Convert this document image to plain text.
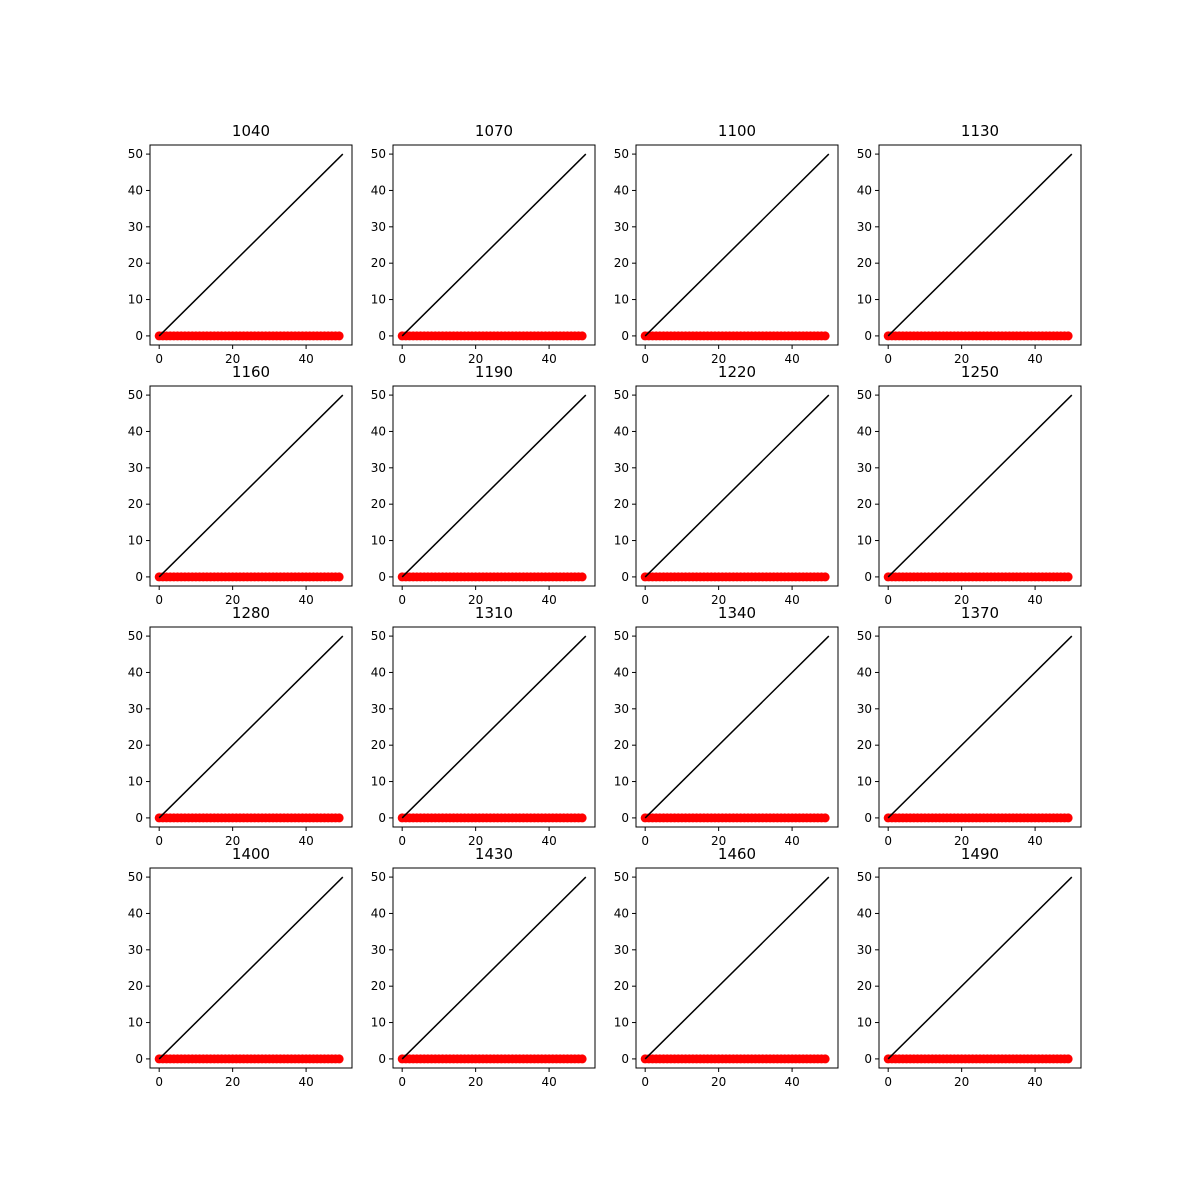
0	20	40
0
10
20
30
40
50
1040
0	20	40
0
10
20
30
40
50
1070
0	20	40
0
10
20
30
40
50
1100
0	20	40
0
10
20
30
40
50
1130
0	20	40
0
10
20
30
40
50
1160
0	20	40
0
10
20
30
40
50
1190
0	20	40
0
10
20
30
40
50
1220
0	20	40
0
10
20
30
40
50
1250
0	20	40
0
10
20
30
40
50
1280
0	20	40
0
10
20
30
40
50
1310
0	20	40
0
10
20
30
40
50
1340
0	20	40
0
10
20
30
40
50
1370
0	20	40
0
10
20
30
40
50
1400
0	20	40
0
10
20
30
40
50
1430
0	20	40
0
10
20
30
40
50
1460
0	20	40
0
10
20
30
40
50
1490
